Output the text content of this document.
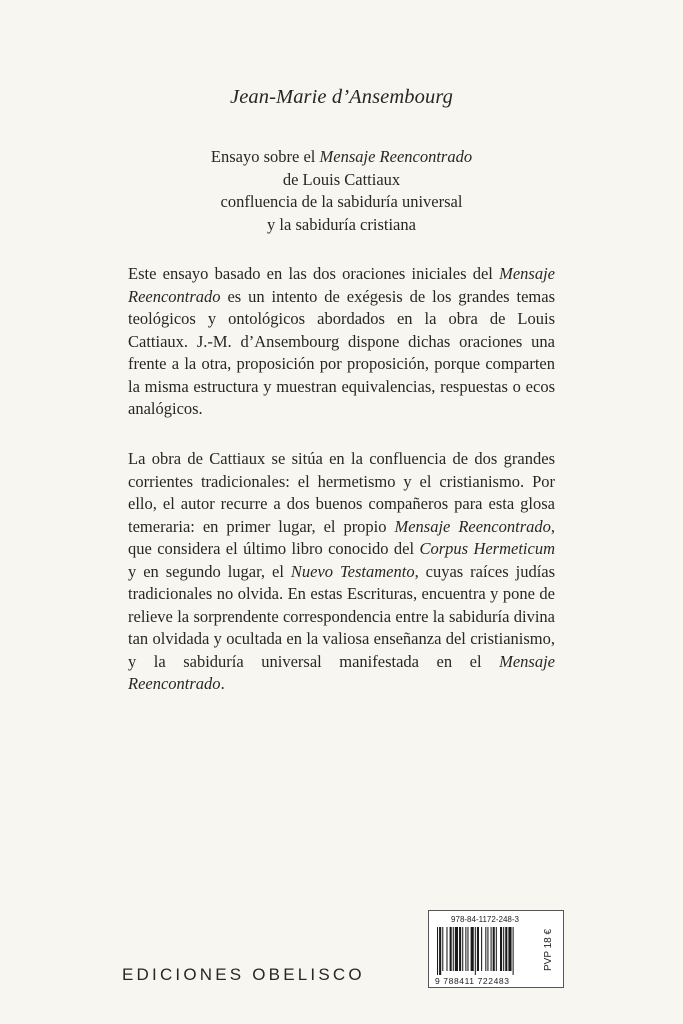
Jean-Marie d’Ansembourg
Ensayo sobre el Mensaje Reencontrado
de Louis Cattiaux
confluencia de la sabiduría universal
y la sabiduría cristiana
Este ensayo basado en las dos oraciones iniciales del Mensaje Reencontrado es un intento de exégesis de los grandes temas teológicos y ontológicos abordados en la obra de Louis Cattiaux. J.-M. d’Ansembourg dispone dichas oraciones una frente a la otra, proposición por proposición, porque comparten la misma estructura y muestran equivalencias, respuestas o ecos analógicos.
La obra de Cattiaux se sitúa en la confluencia de dos grandes corrientes tradicionales: el hermetismo y el cristianismo. Por ello, el autor recurre a dos buenos compañeros para esta glosa temeraria: en primer lugar, el propio Mensaje Reencontrado, que considera el último libro conocido del Corpus Hermeticum y en segundo lugar, el Nuevo Testamento, cuyas raíces judías tradicionales no olvida. En estas Escrituras, encuentra y pone de relieve la sorprendente correspondencia entre la sabiduría divina tan olvidada y ocultada en la valiosa enseñanza del cristianismo, y la sabiduría universal manifestada en el Mensaje Reencontrado.
EDICIONES OBELISCO
978-84-1172-248-3
9 788411 722483
PVP 18 €
